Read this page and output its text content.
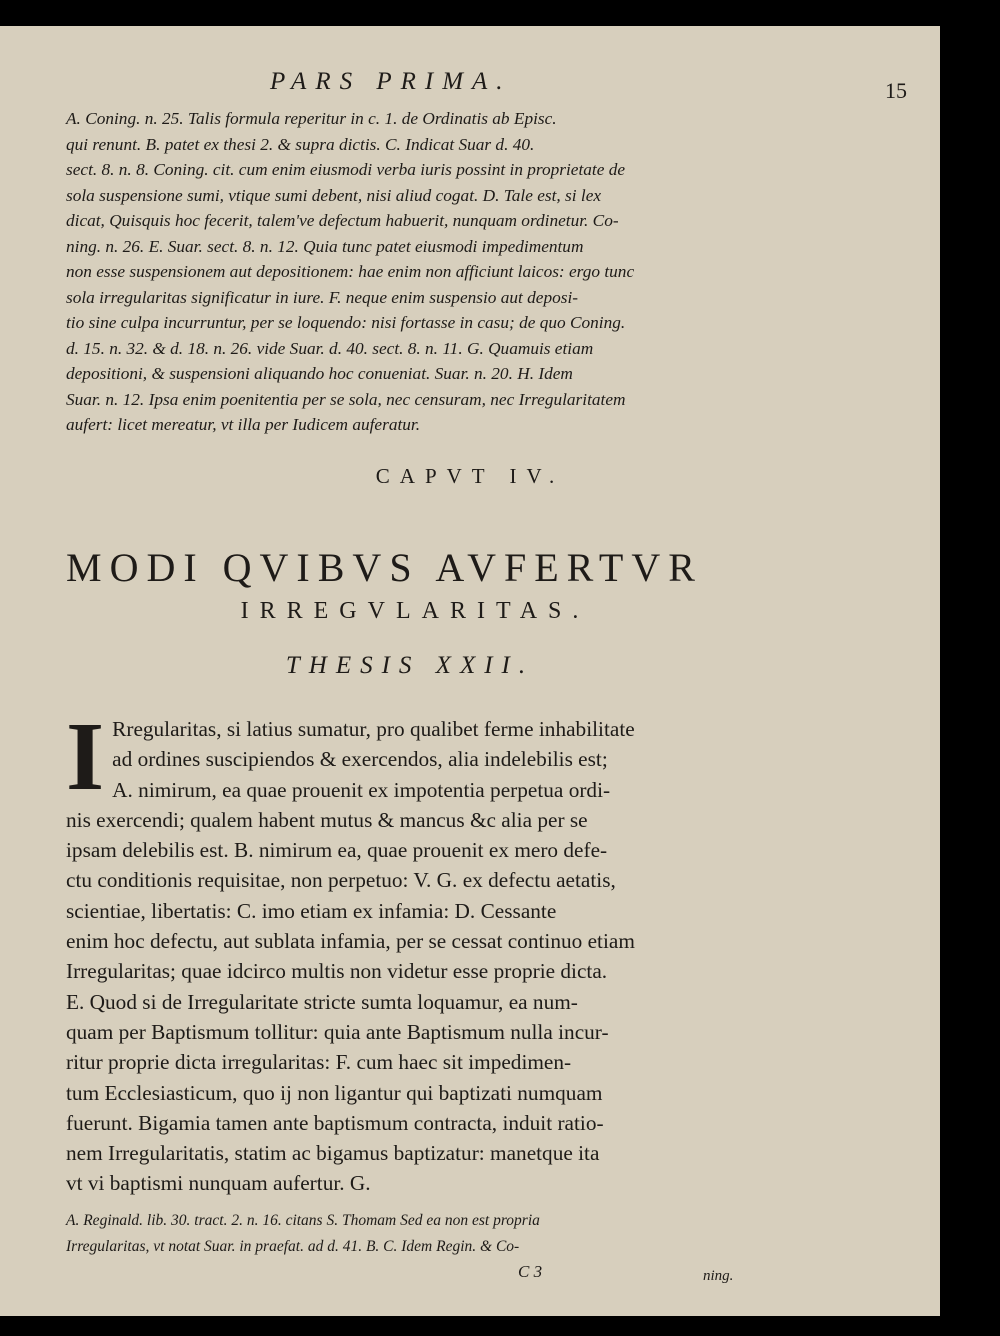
PARS PRIMA.	15

A. Coning. n. 25. Talis formula reperitur in c. 1. de Ordinatis ab Episc.

qui renunt. B. patet ex thesi 2. & supra dictis. C. Indicat Suar d. 40.

sect. 8. n. 8. Coning. cit. cum enim eiusmodi verba iuris possint in proprietate de

sola suspensione sumi, vtique sumi debent, nisi aliud cogat. D. Tale est, si lex

dicat, Quisquis hoc fecerit, talem've defectum habuerit, nunquam ordinetur. Co-

ning. n. 26. E. Suar. sect. 8. n. 12. Quia tunc patet eiusmodi impedimentum

non esse suspensionem aut depositionem: hae enim non afficiunt laicos: ergo tunc

sola irregularitas significatur in iure. F. neque enim suspensio aut deposi-

tio sine culpa incurruntur, per se loquendo: nisi fortasse in casu; de quo Coning.

d. 15. n. 32. & d. 18. n. 26. vide Suar. d. 40. sect. 8. n. 11. G. Quamuis etiam

depositioni, & suspensioni aliquando hoc conueniat. Suar. n. 20. H. Idem

Suar. n. 12. Ipsa enim poenitentia per se sola, nec censuram, nec Irregularitatem

aufert: licet mereatur, vt illa per Iudicem auferatur.

CAPVT IV.
MODI QVIBVS AVFERTVR
IRREGVLARITAS.
THESIS XXII.
I Rregularitas, si latius sumatur, pro qualibet ferme inhabilitate
ad ordines suscipiendos & exercendos, alia indelebilis est;
A. nimirum, ea quae prouenit ex impotentia perpetua ordi-
nis exercendi; qualem habent mutus & mancus &c alia per se
ipsam delebilis est. B. nimirum ea, quae prouenit ex mero defe-
ctu conditionis requisitae, non perpetuo: V. G. ex defectu aetatis,
scientiae, libertatis: C. imo etiam ex infamia: D. Cessante
enim hoc defectu, aut sublata infamia, per se cessat continuo etiam
Irregularitas; quae idcirco multis non videtur esse proprie dicta.
E. Quod si de Irregularitate stricte sumta loquamur, ea num-
quam per Baptismum tollitur: quia ante Baptismum nulla incur-
ritur proprie dicta irregularitas: F. cum haec sit impedimen-
tum Ecclesiasticum, quo ij non ligantur qui baptizati numquam
fuerunt. Bigamia tamen ante baptismum contracta, induit ratio-
nem Irregularitatis, statim ac bigamus baptizatur: manetque ita
vt vi baptismi nunquam aufertur. G.
A. Reginald. lib. 30. tract. 2. n. 16. citans S. Thomam Sed ea non est propria
Irregularitas, vt notat Suar. in praefat. ad d. 41. B. C. Idem Regin. & Co-
C 3	ning.
